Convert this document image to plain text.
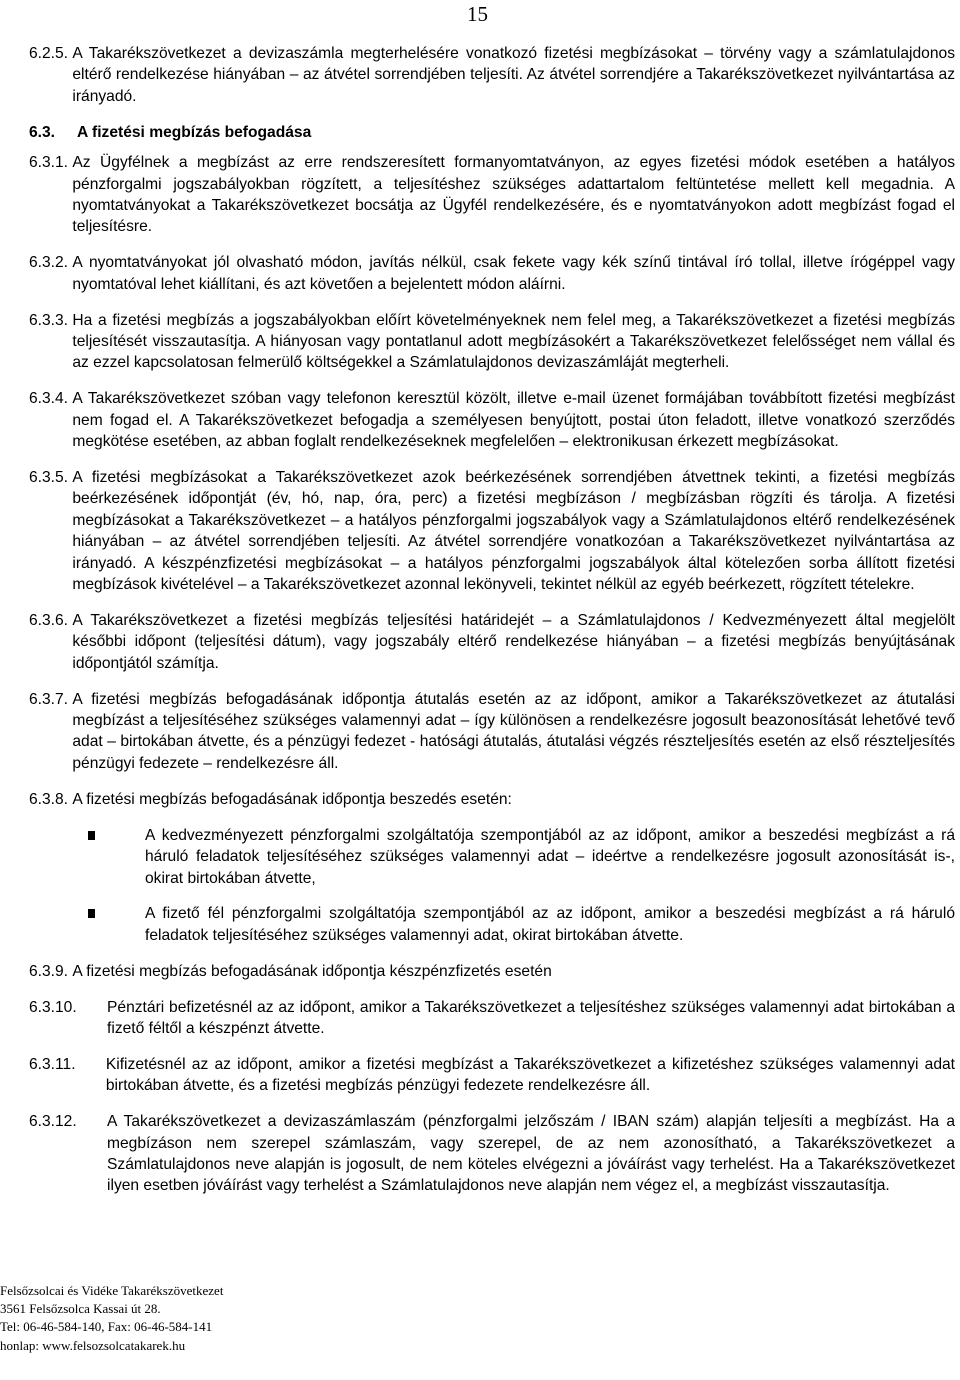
15
6.2.5. A Takarékszövetkezet a devizaszámla megterhelésére vonatkozó fizetési megbízásokat – törvény vagy a számlatulajdonos eltérő rendelkezése hiányában – az átvétel sorrendjében teljesíti. Az átvétel sorrendjére a Takarékszövetkezet nyilvántartása az irányadó.
6.3.	A fizetési megbízás befogadása
6.3.1. Az Ügyfélnek a megbízást az erre rendszeresített formanyomtatványon, az egyes fizetési módok esetében a hatályos pénzforgalmi jogszabályokban rögzített, a teljesítéshez szükséges adattartalom feltüntetése mellett kell megadnia. A nyomtatványokat a Takarékszövetkezet bocsátja az Ügyfél rendelkezésére, és e nyomtatványokon adott megbízást fogad el teljesítésre.
6.3.2. A nyomtatványokat jól olvasható módon, javítás nélkül, csak fekete vagy kék színű tintával író tollal, illetve írógéppel vagy nyomtatóval lehet kiállítani, és azt követően a bejelentett módon aláírni.
6.3.3. Ha a fizetési megbízás a jogszabályokban előírt követelményeknek nem felel meg, a Takarékszövetkezet a fizetési megbízás teljesítését visszautasítja. A hiányosan vagy pontatlanul adott megbízásokért a Takarékszövetkezet felelősséget nem vállal és az ezzel kapcsolatosan felmerülő költségekkel a Számlatulajdonos devizaszámláját megterheli.
6.3.4. A Takarékszövetkezet szóban vagy telefonon keresztül közölt, illetve e-mail üzenet formájában továbbított fizetési megbízást nem fogad el. A Takarékszövetkezet befogadja a személyesen benyújtott, postai úton feladott, illetve vonatkozó szerződés megkötése esetében, az abban foglalt rendelkezéseknek megfelelően – elektronikusan érkezett megbízásokat.
6.3.5. A fizetési megbízásokat a Takarékszövetkezet azok beérkezésének sorrendjében átvettnek tekinti, a fizetési megbízás beérkezésének időpontját (év, hó, nap, óra, perc) a fizetési megbízáson / megbízásban rögzíti és tárolja. A fizetési megbízásokat a Takarékszövetkezet – a hatályos pénzforgalmi jogszabályok vagy a Számlatulajdonos eltérő rendelkezésének hiányában – az átvétel sorrendjében teljesíti. Az átvétel sorrendjére vonatkozóan a Takarékszövetkezet nyilvántartása az irányadó. A készpénzfizetési megbízásokat – a hatályos pénzforgalmi jogszabályok által kötelezően sorba állított fizetési megbízások kivételével – a Takarékszövetkezet azonnal lekönyveli, tekintet nélkül az egyéb beérkezett, rögzített tételekre.
6.3.6. A Takarékszövetkezet a fizetési megbízás teljesítési határidejét – a Számlatulajdonos / Kedvezményezett által megjelölt későbbi időpont (teljesítési dátum), vagy jogszabály eltérő rendelkezése hiányában – a fizetési megbízás benyújtásának időpontjától számítja.
6.3.7. A fizetési megbízás befogadásának időpontja átutalás esetén az az időpont, amikor a Takarékszövetkezet az átutalási megbízást a teljesítéséhez szükséges valamennyi adat – így különösen a rendelkezésre jogosult beazonosítását lehetővé tevő adat – birtokában átvette, és a pénzügyi fedezet - hatósági átutalás, átutalási végzés részteljesítés esetén az első részteljesítés pénzügyi fedezete – rendelkezésre áll.
6.3.8. A fizetési megbízás befogadásának időpontja beszedés esetén:
A kedvezményezett pénzforgalmi szolgáltatója szempontjából az az időpont, amikor a beszedési megbízást a rá háruló feladatok teljesítéséhez szükséges valamennyi adat – ideértve a rendelkezésre jogosult azonosítását is-, okirat birtokában átvette,
A fizető fél pénzforgalmi szolgáltatója szempontjából az az időpont, amikor a beszedési megbízást a rá háruló feladatok teljesítéséhez szükséges valamennyi adat, okirat birtokában átvette.
6.3.9. A fizetési megbízás befogadásának időpontja készpénzfizetés esetén
6.3.10. Pénztári befizetésnél az az időpont, amikor a Takarékszövetkezet a teljesítéshez szükséges valamennyi adat birtokában a fizető féltől a készpénzt átvette.
6.3.11. Kifizetésnél az az időpont, amikor a fizetési megbízást a Takarékszövetkezet a kifizetéshez szükséges valamennyi adat birtokában átvette, és a fizetési megbízás pénzügyi fedezete rendelkezésre áll.
6.3.12. A Takarékszövetkezet a devizaszámlaszám (pénzforgalmi jelzőszám / IBAN szám) alapján teljesíti a megbízást. Ha a megbízáson nem szerepel számlaszám, vagy szerepel, de az nem azonosítható, a Takarékszövetkezet a Számlatulajdonos neve alapján is jogosult, de nem köteles elvégezni a jóváírást vagy terhelést. Ha a Takarékszövetkezet ilyen esetben jóváírást vagy terhelést a Számlatulajdonos neve alapján nem végez el, a megbízást visszautasítja.
Felsőzsolcai és Vidéke Takarékszövetkezet
3561 Felsőzsolca Kassai út 28.
Tel: 06-46-584-140, Fax: 06-46-584-141
honlap: www.felsozsolcatakarek.hu
